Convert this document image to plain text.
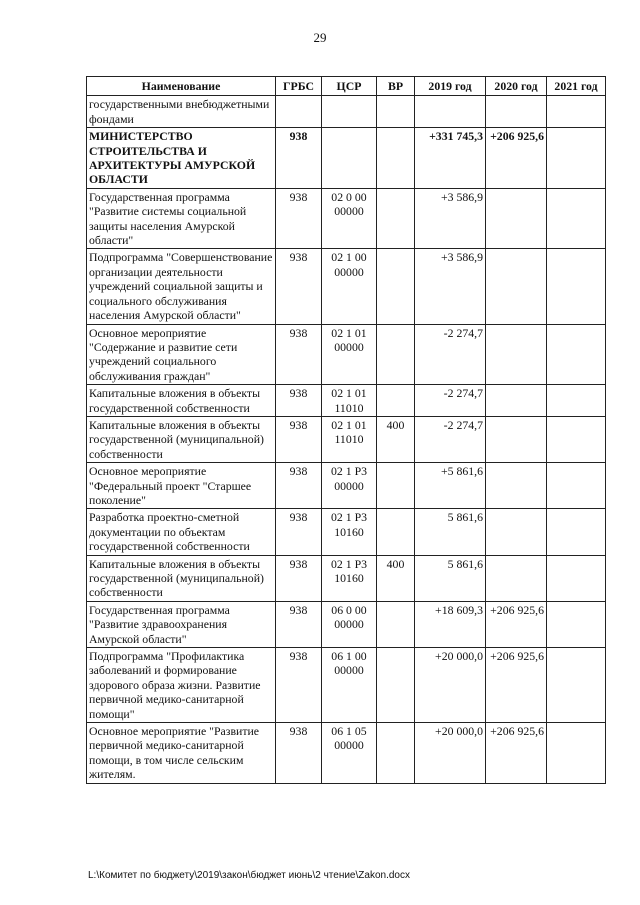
29
Наименование	ГРБС	ЦСР	ВР	2019 год	2020 год	2021 год
государственными внебюджетными фондами						
МИНИСТЕРСТВО СТРОИТЕЛЬСТВА И АРХИТЕКТУРЫ АМУРСКОЙ ОБЛАСТИ	938			+331 745,3	+206 925,6	
Государственная программа "Развитие системы социальной защиты населения Амурской области"	938	02 0 00 00000		+3 586,9		
Подпрограмма "Совершенствование организации деятельности учреждений социальной защиты и социального обслуживания населения Амурской области"	938	02 1 00 00000		+3 586,9		
Основное мероприятие "Содержание и развитие сети учреждений социального обслуживания граждан"	938	02 1 01 00000		-2 274,7		
Капитальные вложения в объекты государственной собственности	938	02 1 01 11010		-2 274,7		
Капитальные вложения в объекты государственной (муниципальной) собственности	938	02 1 01 11010	400	-2 274,7		
Основное мероприятие "Федеральный проект "Старшее поколение"	938	02 1 P3 00000		+5 861,6		
Разработка проектно-сметной документации по объектам государственной собственности	938	02 1 P3 10160		5 861,6		
Капитальные вложения в объекты государственной (муниципальной) собственности	938	02 1 P3 10160	400	5 861,6		
Государственная программа "Развитие здравоохранения Амурской области"	938	06 0 00 00000		+18 609,3	+206 925,6	
Подпрограмма "Профилактика заболеваний и формирование здорового образа жизни. Развитие первичной медико-санитарной помощи"	938	06 1 00 00000		+20 000,0	+206 925,6	
Основное мероприятие "Развитие первичной медико-санитарной помощи, в том числе сельским жителям.	938	06 1 05 00000		+20 000,0	+206 925,6	
L:\Комитет по бюджету\2019\закон\бюджет июнь\2 чтение\Zakon.docx
